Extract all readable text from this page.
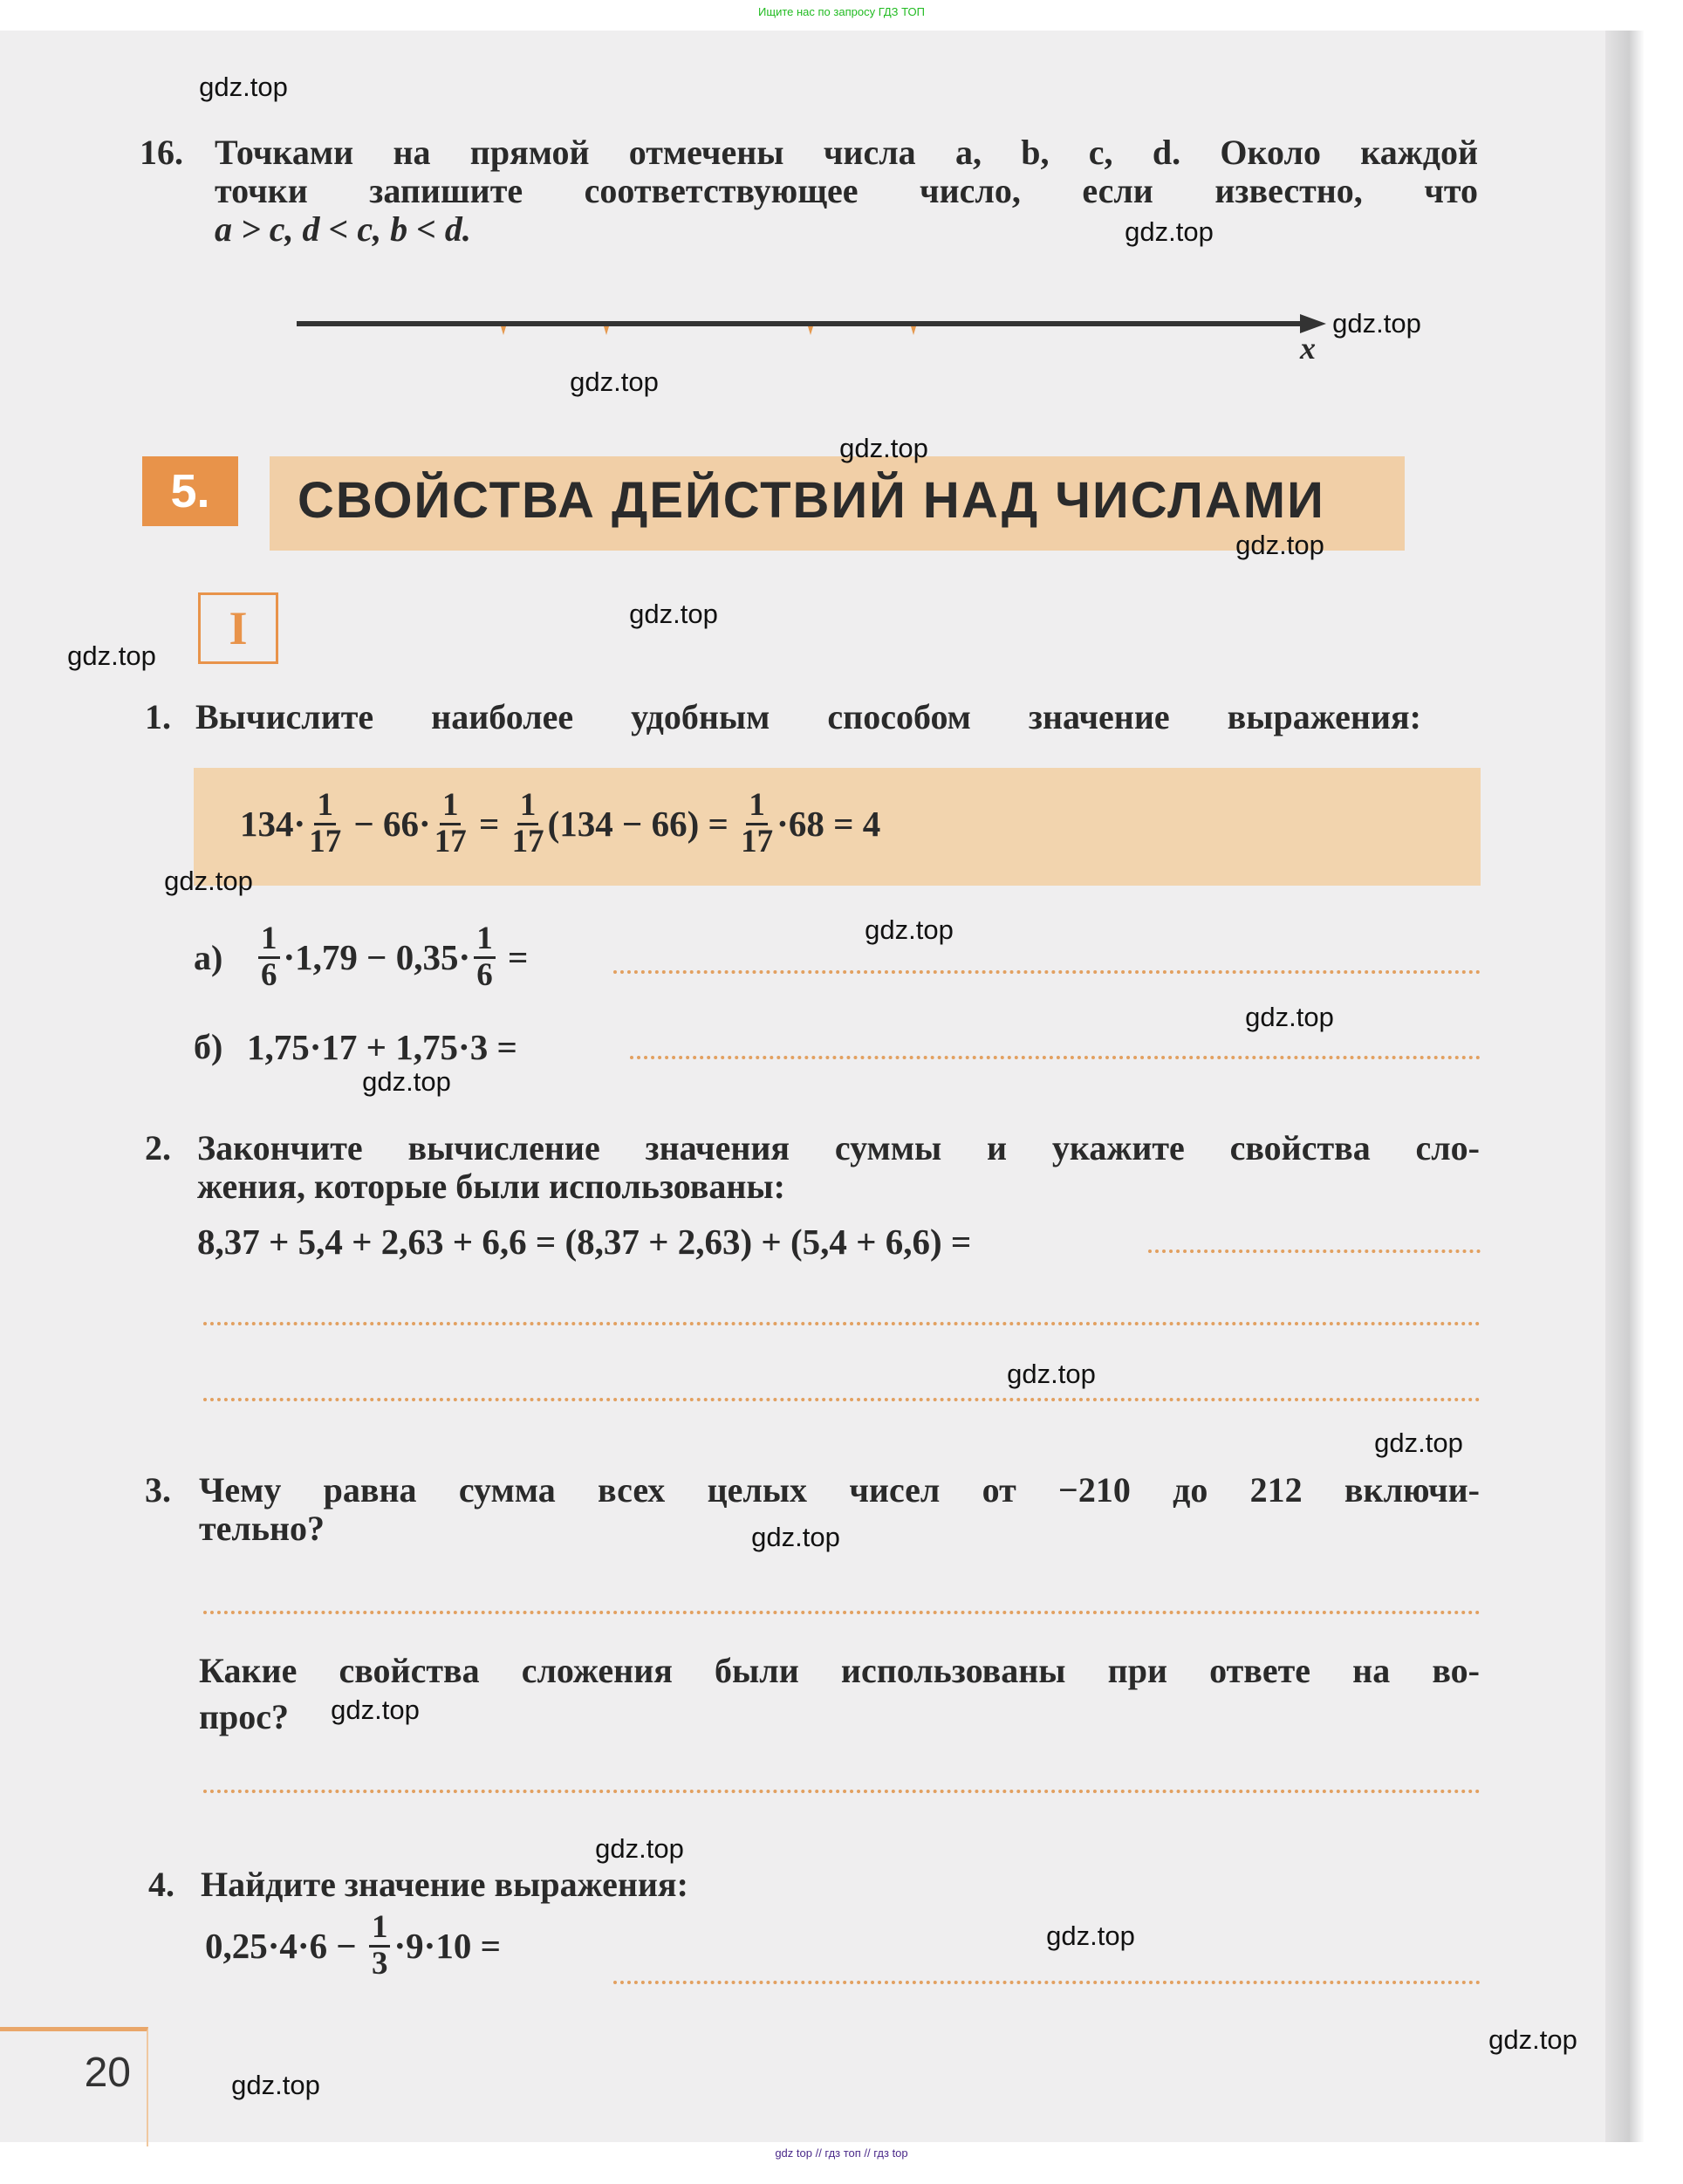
Ищите нас по запросу ГДЗ ТОП
16. Точками на прямой отмечены числа a, b, c, d. Около каждой
точки запишите соответствующее число, если известно, что
a > c, d < c, b < d.
x
5.	СВОЙСТВА ДЕЙСТВИЙ НАД ЧИСЛАМИ
I
1. Вычислите наиболее удобным способом значение выражения:
$134\cdot \frac{1}{17} - 66\cdot \frac{1}{17} = \frac{1}{17} (134 - 66) = \frac{1}{17} \cdot 68 = 4$
$а) \frac{1}{6} \cdot 1,79 - 0,35\cdot \frac{1}{6}$ =
б) 1,75·17 + 1,75·3 =
2. Закончите вычисление значения суммы и укажите свойства сло-
жения, которые были использованы:
8,37 + 5,4 + 2,63 + 6,6 = (8,37 + 2,63) + (5,4 + 6,6) =
3. Чему равна сумма всех целых чисел от −210 до 212 включи-
тельно?
Какие свойства сложения были использованы при ответе на во-
прос?
4. Найдите значение выражения:
$0,25\cdot 4\cdot 6 - \frac{1}{3} \cdot 9\cdot 10$ =
20
gdz.top
gdz.top
gdz.top
gdz.top
gdz.top
gdz.top
gdz.top
gdz.top
gdz.top
gdz.top
gdz.top
gdz.top
gdz.top
gdz.top
gdz.top
gdz.top
gdz.top
gdz.top
gdz.top
gdz.top
gdz top // гдз топ // гдз top
